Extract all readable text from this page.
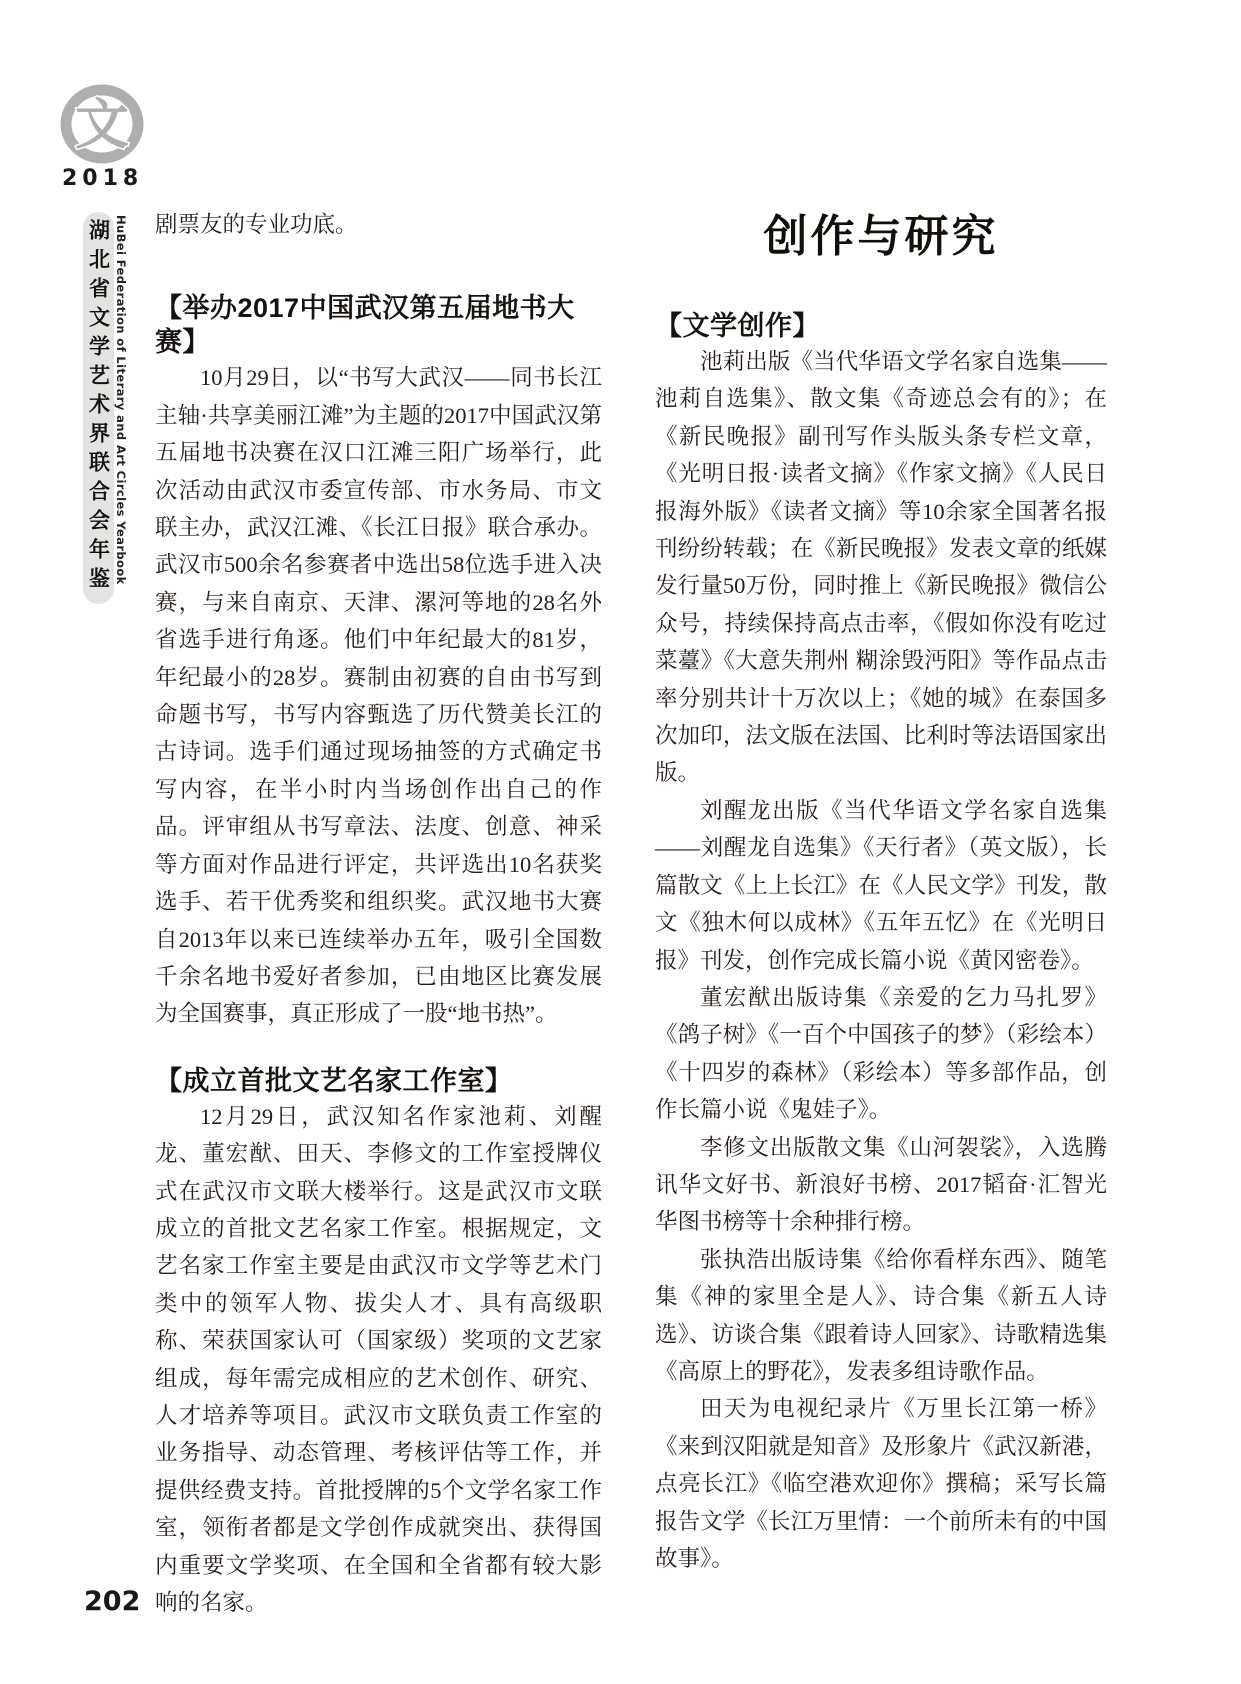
文
2018
湖北省文学艺术界联合会年鉴 HuBei Federation of Literary and Art Circles Yearbook 剧票友的专业功底。

【举办2017中国武汉第五届地书大赛】

10月29日，以“书写大武汉——同书长江主轴·共享美丽江滩”为主题的2017中国武汉第五届地书决赛在汉口江滩三阳广场举行，此次活动由武汉市委宣传部、市水务局、市文联主办，武汉江滩、《长江日报》联合承办。武汉市500余名参赛者中选出58位选手进入决赛，与来自南京、天津、漯河等地的28名外省选手进行角逐。他们中年纪最大的81岁，年纪最小的28岁。赛制由初赛的自由书写到命题书写，书写内容甄选了历代赞美长江的古诗词。选手们通过现场抽签的方式确定书写内容，在半小时内当场创作出自己的作品。评审组从书写章法、法度、创意、神采等方面对作品进行评定，共评选出10名获奖选手、若干优秀奖和组织奖。武汉地书大赛自2013年以来已连续举办五年，吸引全国数千余名地书爱好者参加，已由地区比赛发展为全国赛事，真正形成了一股“地书热”。

【成立首批文艺名家工作室】

12月29日，武汉知名作家池莉、刘醒龙、董宏猷、田天、李修文的工作室授牌仪式在武汉市文联大楼举行。这是武汉市文联成立的首批文艺名家工作室。根据规定，文艺名家工作室主要是由武汉市文学等艺术门类中的领军人物、拔尖人才、具有高级职称、荣获国家认可（国家级）奖项的文艺家组成，每年需完成相应的艺术创作、研究、人才培养等项目。武汉市文联负责工作室的业务指导、动态管理、考核评估等工作，并提供经费支持。首批授牌的5个文学名家工作室，领衔者都是文学创作成就突出、获得国内重要文学奖项、在全国和全省都有较大影响的名家。

创作与研究
【文学创作】

池莉出版《当代华语文学名家自选集——池莉自选集》、散文集《奇迹总会有的》；在《新民晚报》副刊写作头版头条专栏文章，《光明日报·读者文摘》《作家文摘》《人民日报海外版》《读者文摘》等10余家全国著名报刊纷纷转载；在《新民晚报》发表文章的纸媒发行量50万份，同时推上《新民晚报》微信公众号，持续保持高点击率，《假如你没有吃过菜薹》《大意失荆州 糊涂毁沔阳》等作品点击率分别共计十万次以上；《她的城》在泰国多次加印，法文版在法国、比利时等法语国家出版。

刘醒龙出版《当代华语文学名家自选集——刘醒龙自选集》《天行者》（英文版），长篇散文《上上长江》在《人民文学》刊发，散文《独木何以成林》《五年五忆》在《光明日报》刊发，创作完成长篇小说《黄冈密卷》。

董宏猷出版诗集《亲爱的乞力马扎罗》《鸽子树》《一百个中国孩子的梦》（彩绘本）《十四岁的森林》（彩绘本）等多部作品，创作长篇小说《鬼娃子》。

李修文出版散文集《山河袈裟》，入选腾讯华文好书、新浪好书榜、2017韬奋·汇智光华图书榜等十余种排行榜。

张执浩出版诗集《给你看样东西》、随笔集《神的家里全是人》、诗合集《新五人诗选》、访谈合集《跟着诗人回家》、诗歌精选集《高原上的野花》，发表多组诗歌作品。

田天为电视纪录片《万里长江第一桥》《来到汉阳就是知音》及形象片《武汉新港，点亮长江》《临空港欢迎你》撰稿；采写长篇报告文学《长江万里情：一个前所未有的中国故事》。

202
